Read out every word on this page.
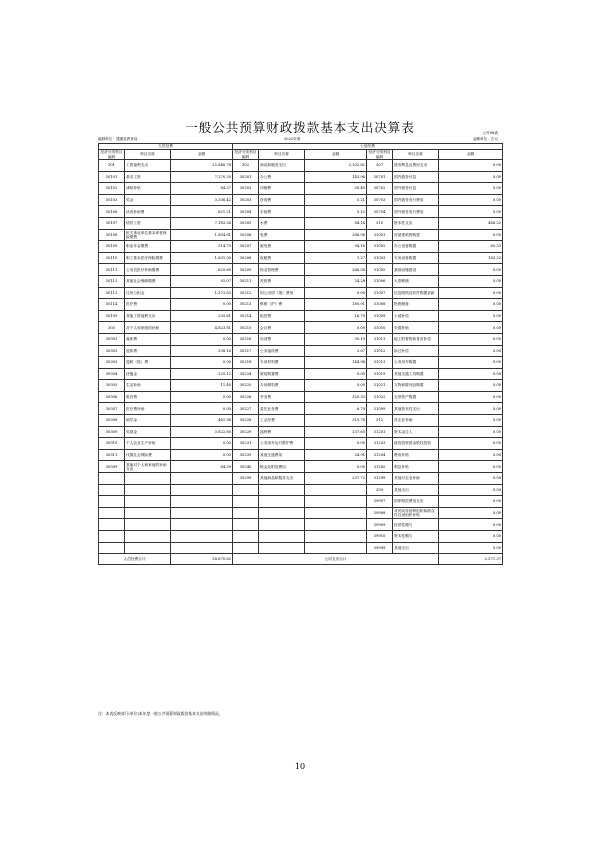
一般公共预算财政拨款基本支出决算表	公开08表
编制单位：建湖县教育局	2022年度	金额单位：万元
人员经费			公用经费					
经济分类科目编码	科目名称	金额	经济分类科目编码	科目名称	金额	经济分类科目编码	科目名称	金额
301	工资福利支出	25,846.78	302	商品和服务支出	2,102.82	307	债务利息及费用支出	0.00
30101	基本工资	7,270.20	30201	办公费	143.96	30701	国内债务付息	0.00
30102	津贴补贴	84.37	30202	印刷费	30.40	30702	国外债务付息	0.00
30103	奖金	3,206.42	30203	咨询费	5.21	30703	国内债务发行费用	0.00
30106	伙食补助费	621.21	30204	手续费	0.15	30704	国外债务发行费用	0.00
30107	绩效工资	7,183.54	30205	水费	84.14	310	资本性支出	468.22
30108	机关事业单位基本养老保险缴费	1,804.61	30206	电费	286.98	31001	房屋建筑物购建	0.00
30109	职业年金缴费	314.75	30207	邮电费	94.16	31002	办公设备购置	65.33
30110	职工基本医疗保险缴费	1,631.09	30208	取暖费	1.27	31003	专用设备购置	163.22
30111	公务员医疗补助缴费	625.60	30209	物业管理费	286.54	31005	基础设施建设	0.00
30112	其他社会保障缴费	92.07	30211	差旅费	24.28	31006	大型修缮	0.00
30113	住房公积金	1,373.63	30212	因公出国（境）费用	0.00	31007	信息网络及软件购置更新	0.00
30114	医疗费	0.00	30213	维修（护）费	180.91	31008	物资储备	0.00
30199	其他工资福利支出	239.61	30214	租赁费	16.79	31009	土地补偿	0.00
303	对个人和家庭的补助	4,823.81	30215	会议费	0.00	31010	安置补助	0.00
30301	离休费	0.00	30216	培训费	30.19	31011	地上附着物和青苗补偿	0.00
30302	退休费	238.16	30217	公务接待费	2.67	31012	拆迁补偿	0.00
30303	退职（役）费	0.00	30218	专用材料费	144.94	31013	公务用车购置	0.00
30304	抚恤金	225.12	30224	被装购置费	0.00	31019	其他交通工具购置	0.00
30305	生活补助	11.40	30225	专用燃料费	0.00	31021	文物和陈列品购置	0.00
30306	救济费	0.00	30226	劳务费	320.33	31022	无形资产购置	0.00
30307	医疗费补助	0.00	30227	委托业务费	6.79	31099	其他资本性支出	0.00
30308	助学金	461.98	30228	工会经费	319.78	312	对企业补助	0.00
30309	奖励金	3,822.80	30229	福利费	137.65	31201	资本金注入	0.00
30310	个人农业生产补贴	0.00	30231	公务用车运行维护费	0.00	31203	政府投资基金股权投资	0.00
30311	代缴社会保险费	0.00	30239	其他交通费用	24.91	31204	费用补贴	0.00
30399	其他对个人和家庭的补助支出	64.39	30240	税金及附加费用	0.00	31205	利息补贴	0.00
			30299	其他商品和服务支出	237.72	31299	其他对企业补助	0.00
						399	其他支出	0.00
						39907	国家赔偿费用支出	0.00
						39908	对民间非营利组织和群众性自治组织补贴	0.00
						39909	经常性赠与	0.00
						39910	资本性赠与	0.00
						39999	其他支出	0.00
人员经费合计		28,670.62	公用支出合计					2,571.37
注：本表反映部门(单位)本年度一般公共预算财政拨款基本支出明细情况。
10
